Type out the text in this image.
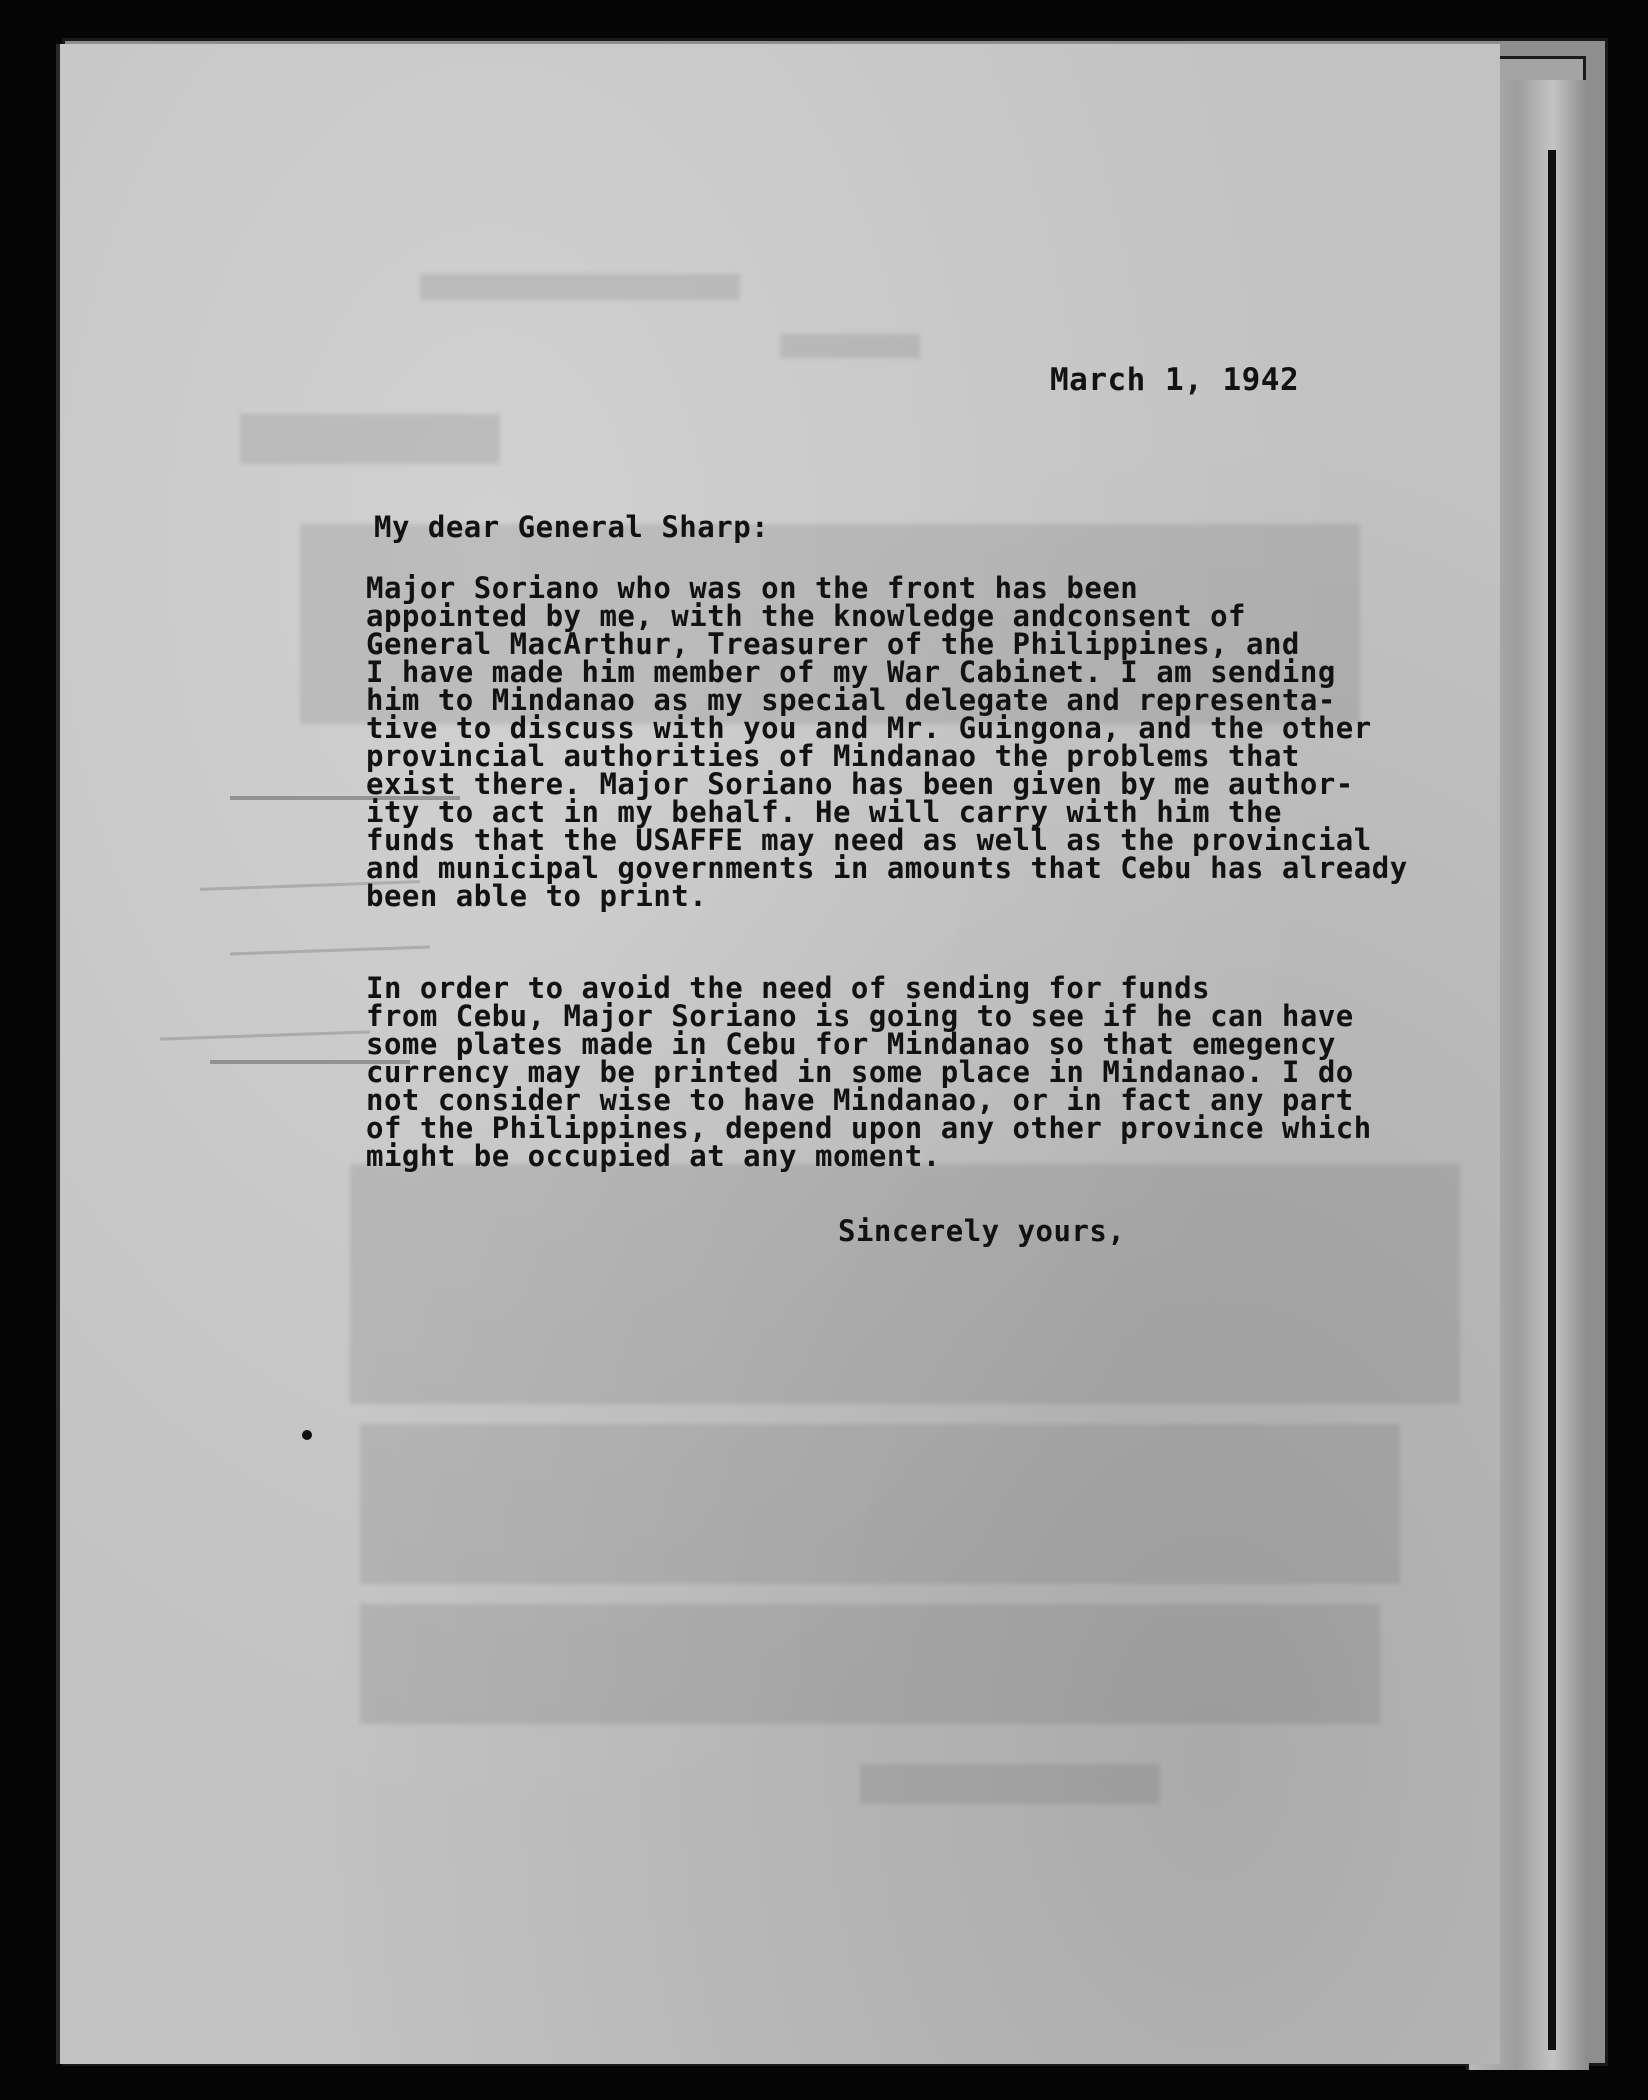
March 1, 1942
My dear General Sharp:
Major Soriano who was on the front has been
appointed by me, with the knowledge andconsent of
General MacArthur, Treasurer of the Philippines, and
I have made him member of my War Cabinet. I am sending
him to Mindanao as my special delegate and representa-
tive to discuss with you and Mr. Guingona, and the other
provincial authorities of Mindanao the problems that
exist there. Major Soriano has been given by me author-
ity to act in my behalf. He will carry with him the
funds that the USAFFE may need as well as the provincial
and municipal governments in amounts that Cebu has already
been able to print.
In order to avoid the need of sending for funds
from Cebu, Major Soriano is going to see if he can have
some plates made in Cebu for Mindanao so that emegency
currency may be printed in some place in Mindanao. I do
not consider wise to have Mindanao, or in fact any part
of the Philippines, depend upon any other province which
might be occupied at any moment.
Sincerely yours,
